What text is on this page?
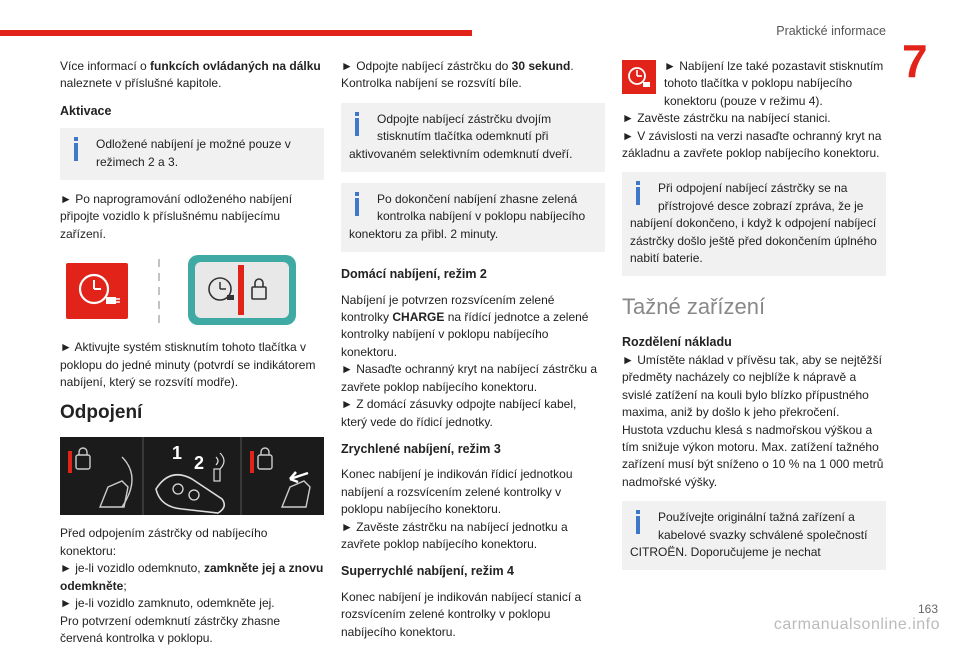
Praktické informace
7

Více informací o funkcích ovládaných na dálku naleznete v příslušné kapitole.

Aktivace
Odložené nabíjení je možné pouze v režimech 2 a 3.

► Po naprogramování odloženého nabíjení připojte vozidlo k příslušnému nabíjecímu zařízení.

► Aktivujte systém stisknutím tohoto tlačítka v poklopu do jedné minuty (potvrdí se indikátorem nabíjení, který se rozsvítí modře).

Odpojení
1 2

Před odpojením zástrčky od nabíjecího konektoru:
► je-li vozidlo odemknuto, zamkněte jej a znovu odemkněte;
► je-li vozidlo zamknuto, odemkněte jej.
Pro potvrzení odemknutí zástrčky zhasne červená kontrolka v poklopu.

► Odpojte nabíjecí zástrčku do 30 sekund. Kontrolka nabíjení se rozsvítí bíle.

Odpojte nabíjecí zástrčku dvojím stisknutím tlačítka odemknutí při aktivovaném selektivním odemknutí dveří.
Po dokončení nabíjení zhasne zelená kontrolka nabíjení v poklopu nabíjecího konektoru za přibl. 2 minuty.
Domácí nabíjení, režim 2

Nabíjení je potvrzen rozsvícením zelené kontrolky CHARGE na řídící jednotce a zelené kontrolky nabíjení v poklopu nabíjecího konektoru.
► Nasaďte ochranný kryt na nabíjecí zástrčku a zavřete poklop nabíjecího konektoru.
► Z domácí zásuvky odpojte nabíjecí kabel, který vede do řídicí jednotky.

Zrychlené nabíjení, režim 3

Konec nabíjení je indikován řídicí jednotkou nabíjení a rozsvícením zelené kontrolky v poklopu nabíjecího konektoru.
► Zavěste zástrčku na nabíjecí jednotku a zavřete poklop nabíjecího konektoru.

Superrychlé nabíjení, režim 4

Konec nabíjení je indikován nabíjecí stanicí a rozsvícením zelené kontrolky v poklopu nabíjecího konektoru.

► Nabíjení lze také pozastavit stisknutím tohoto tlačítka v poklopu nabíjecího konektoru (pouze v režimu 4).

► Zavěste zástrčku na nabíjecí stanici.
► V závislosti na verzi nasaďte ochranný kryt na základnu a zavřete poklop nabíjecího konektoru.

Při odpojení nabíjecí zástrčky se na přístrojové desce zobrazí zpráva, že je nabíjení dokončeno, i když k odpojení nabíjecí zástrčky došlo ještě před dokončením úplného nabití baterie.
Tažné zařízení
Rozdělení nákladu

► Umístěte náklad v přívěsu tak, aby se nejtěžší předměty nacházely co nejblíže k nápravě a svislé zatížení na kouli bylo blízko přípustného maxima, aniž by došlo k jeho překročení.
Hustota vzduchu klesá s nadmořskou výškou a tím snižuje výkon motoru. Max. zatížení tažného zařízení musí být sníženo o 10 % na 1 000 metrů nadmořské výšky.

Používejte originální tažná zařízení a kabelové svazky schválené společností CITROËN. Doporučujeme je nechat
carmanualsonline.info
163
